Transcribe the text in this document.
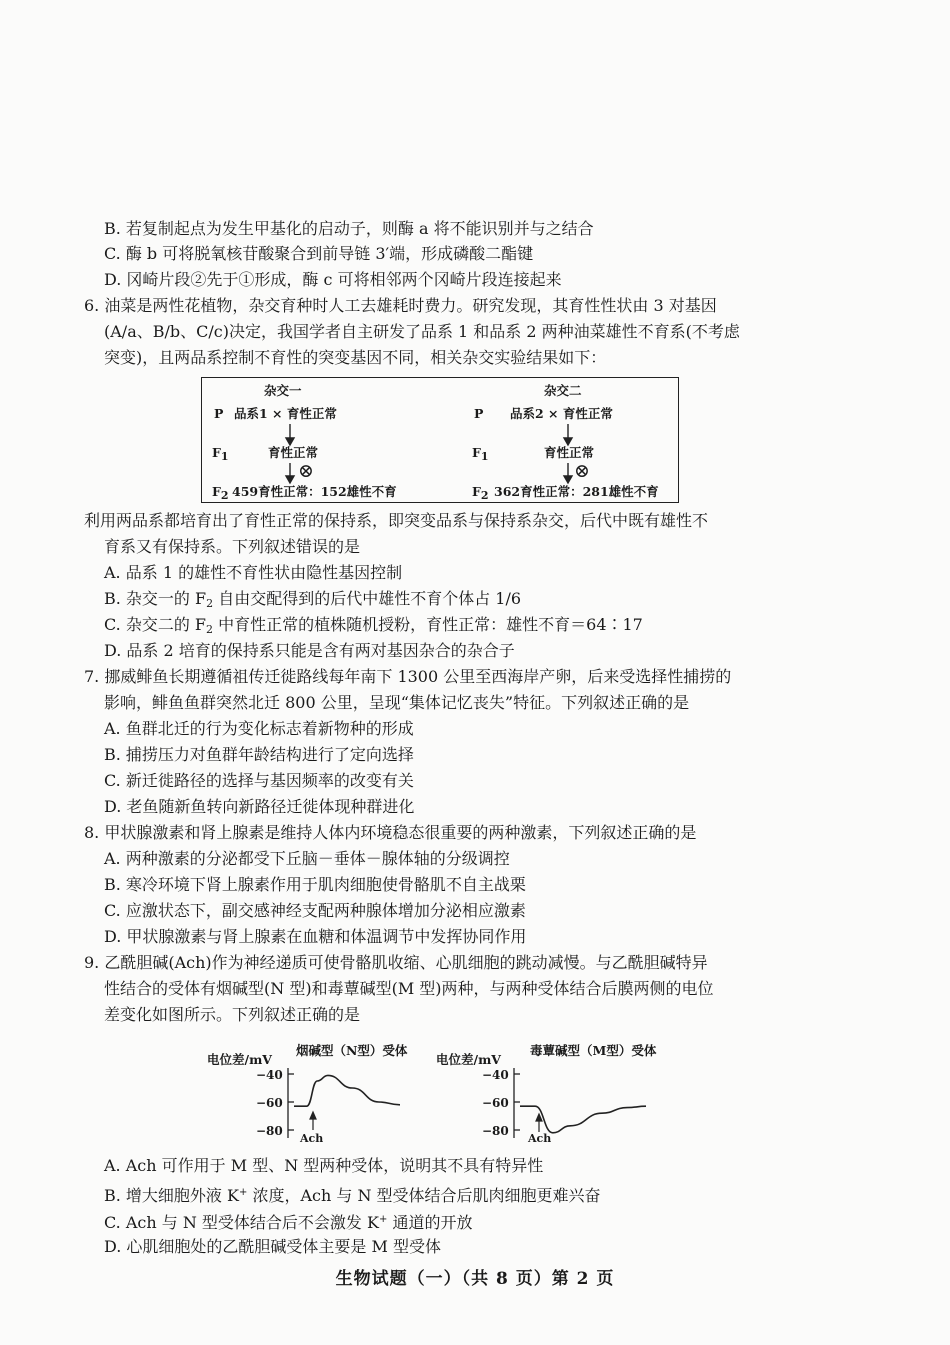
B. 若复制起点为发生甲基化的启动子，则酶 a 将不能识别并与之结合
C. 酶 b 可将脱氧核苷酸聚合到前导链 3′端，形成磷酸二酯键
D. 冈崎片段②先于①形成，酶 c 可将相邻两个冈崎片段连接起来
6. 油菜是两性花植物，杂交育种时人工去雄耗时费力。研究发现，其育性性状由 3 对基因
(A/a、B/b、C/c)决定，我国学者自主研发了品系 1 和品系 2 两种油菜雄性不育系(不考虑
突变)，且两品系控制不育性的突变基因不同，相关杂交实验结果如下：
杂交一
P 品系1 × 育性正常
$F_1$	育性正常
⊗
$F_2$ 459育性正常：152雄性不育
杂交二
P 品系2 × 育性正常
$F_1$	育性正常
⊗
$F_2$ 362育性正常：281雄性不育
利用两品系都培育出了育性正常的保持系，即突变品系与保持系杂交，后代中既有雄性不
育系又有保持系。下列叙述错误的是
A. 品系 1 的雄性不育性状由隐性基因控制
B. 杂交一的 $F_2$ 自由交配得到的后代中雄性不育个体占 1/6
C. 杂交二的 $F_2$ 中育性正常的植株随机授粉，育性正常：雄性不育＝64∶17
D. 品系 2 培育的保持系只能是含有两对基因杂合的杂合子
7. 挪威鲱鱼长期遵循祖传迁徙路线每年南下 1300 公里至西海岸产卵，后来受选择性捕捞的
影响，鲱鱼鱼群突然北迁 800 公里，呈现“集体记忆丧失”特征。下列叙述正确的是
A. 鱼群北迁的行为变化标志着新物种的形成
B. 捕捞压力对鱼群年龄结构进行了定向选择
C. 新迁徙路径的选择与基因频率的改变有关
D. 老鱼随新鱼转向新路径迁徙体现种群进化
8. 甲状腺激素和肾上腺素是维持人体内环境稳态很重要的两种激素，下列叙述正确的是
A. 两种激素的分泌都受下丘脑－垂体－腺体轴的分级调控
B. 寒冷环境下肾上腺素作用于肌肉细胞使骨骼肌不自主战栗
C. 应激状态下，副交感神经支配两种腺体增加分泌相应激素
D. 甲状腺激素与肾上腺素在血糖和体温调节中发挥协同作用
9. 乙酰胆碱(Ach)作为神经递质可使骨骼肌收缩、心肌细胞的跳动减慢。与乙酰胆碱特异
性结合的受体有烟碱型(N 型)和毒蕈碱型(M 型)两种，与两种受体结合后膜两侧的电位
差变化如图所示。下列叙述正确的是
电位差/mV
烟碱型（N型）受体
−40
−60
−80
Ach
电位差/mV
毒蕈碱型（M型）受体
−40
−60
−80
Ach
A. Ach 可作用于 M 型、N 型两种受体，说明其不具有特异性
B. 增大细胞外液 K+ 浓度，Ach 与 N 型受体结合后肌肉细胞更难兴奋
C. Ach 与 N 型受体结合后不会激发 K+ 通道的开放
D. 心肌细胞处的乙酰胆碱受体主要是 M 型受体
生物试题（一）（共 8 页）第 2 页
